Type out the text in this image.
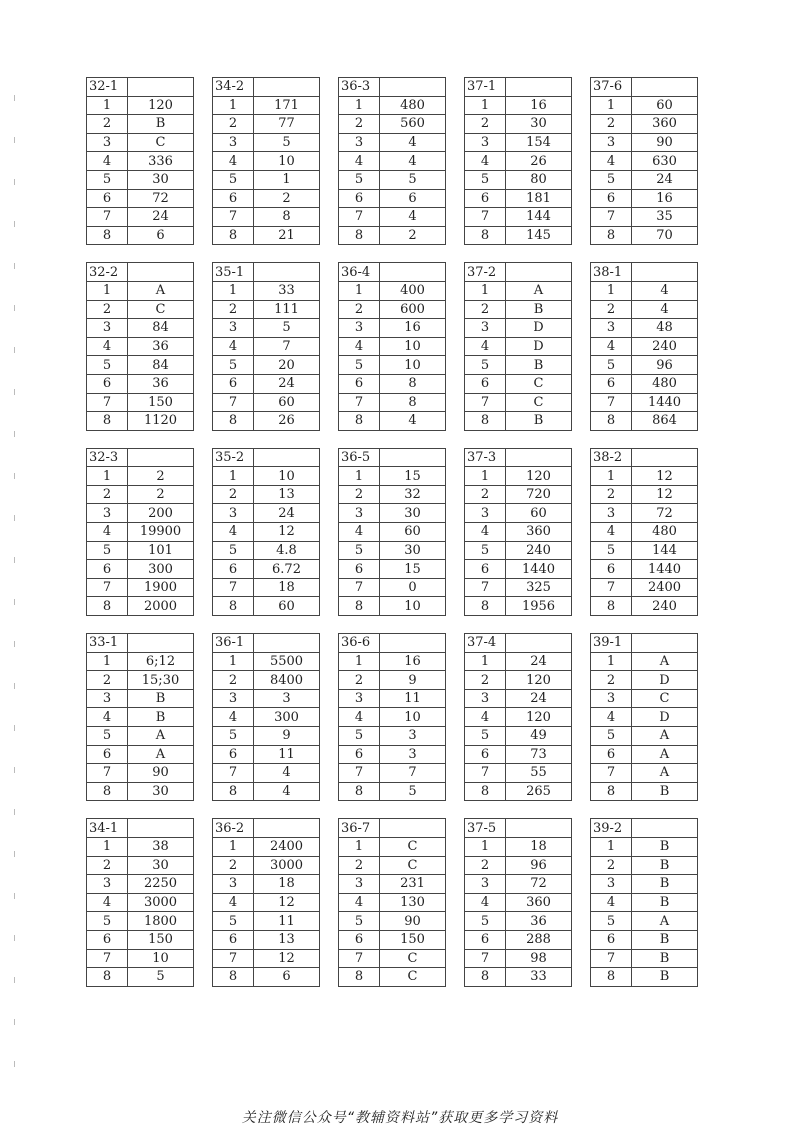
32-1	
1	120
2	B
3	C
4	336
5	30
6	72
7	24
8	6
34-2	
1	171
2	77
3	5
4	10
5	1
6	2
7	8
8	21
36-3	
1	480
2	560
3	4
4	4
5	5
6	6
7	4
8	2
37-1	
1	16
2	30
3	154
4	26
5	80
6	181
7	144
8	145
37-6	
1	60
2	360
3	90
4	630
5	24
6	16
7	35
8	70
32-2	
1	A
2	C
3	84
4	36
5	84
6	36
7	150
8	1120
35-1	
1	33
2	111
3	5
4	7
5	20
6	24
7	60
8	26
36-4	
1	400
2	600
3	16
4	10
5	10
6	8
7	8
8	4
37-2	
1	A
2	B
3	D
4	D
5	B
6	C
7	C
8	B
38-1	
1	4
2	4
3	48
4	240
5	96
6	480
7	1440
8	864
32-3	
1	2
2	2
3	200
4	19900
5	101
6	300
7	1900
8	2000
35-2	
1	10
2	13
3	24
4	12
5	4.8
6	6.72
7	18
8	60
36-5	
1	15
2	32
3	30
4	60
5	30
6	15
7	0
8	10
37-3	
1	120
2	720
3	60
4	360
5	240
6	1440
7	325
8	1956
38-2	
1	12
2	12
3	72
4	480
5	144
6	1440
7	2400
8	240
33-1	
1	6;12
2	15;30
3	B
4	B
5	A
6	A
7	90
8	30
36-1	
1	5500
2	8400
3	3
4	300
5	9
6	11
7	4
8	4
36-6	
1	16
2	9
3	11
4	10
5	3
6	3
7	7
8	5
37-4	
1	24
2	120
3	24
4	120
5	49
6	73
7	55
8	265
39-1	
1	A
2	D
3	C
4	D
5	A
6	A
7	A
8	B
34-1	
1	38
2	30
3	2250
4	3000
5	1800
6	150
7	10
8	5
36-2	
1	2400
2	3000
3	18
4	12
5	11
6	13
7	12
8	6
36-7	
1	C
2	C
3	231
4	130
5	90
6	150
7	C
8	C
37-5	
1	18
2	96
3	72
4	360
5	36
6	288
7	98
8	33
39-2	
1	B
2	B
3	B
4	B
5	A
6	B
7	B
8	B
关注微信公众号“教辅资料站”获取更多学习资料
